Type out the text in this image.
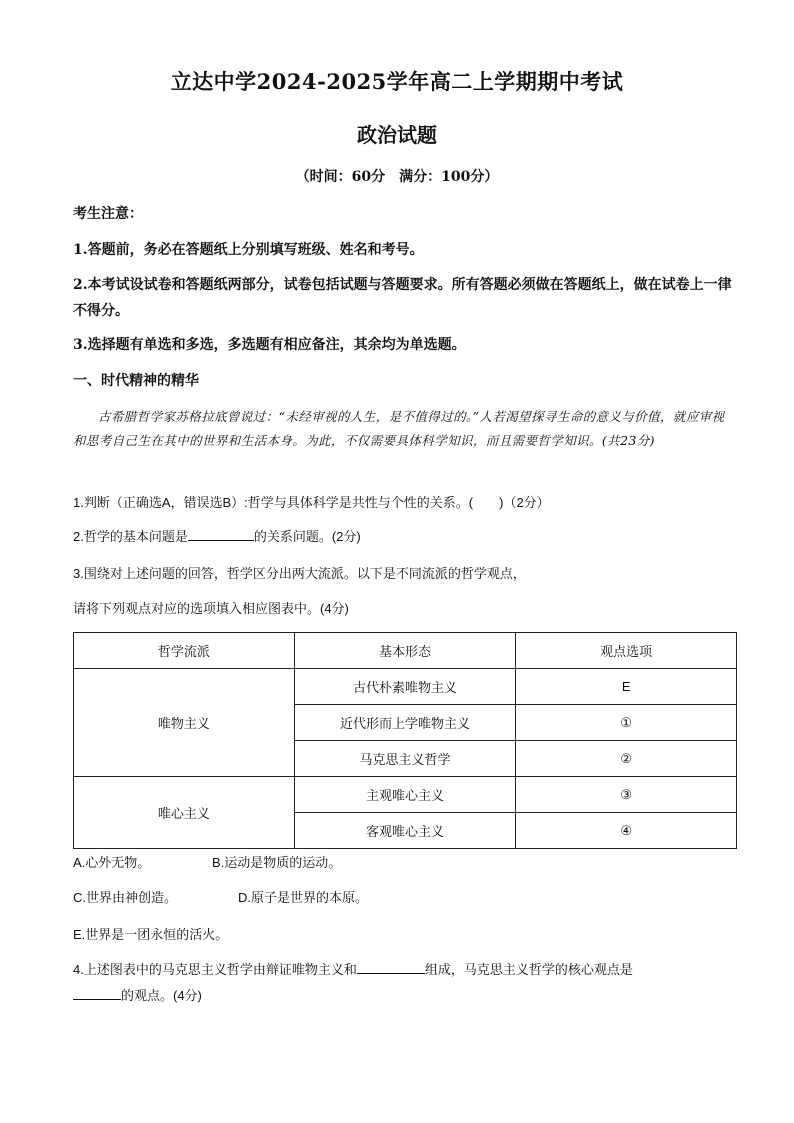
立达中学2024-2025学年高二上学期期中考试
政治试题
（时间：60分　满分：100分）
考生注意：
1.答题前，务必在答题纸上分别填写班级、姓名和考号。
2.本考试设试卷和答题纸两部分，试卷包括试题与答题要求。所有答题必须做在答题纸上，做在试卷上一律不得分。
3.选择题有单选和多选，多选题有相应备注，其余均为单选题。
一、时代精神的精华
古希腊哲学家苏格拉底曾说过：“未经审视的人生，是不值得过的。”人若渴望探寻生命的意义与价值，就应审视和思考自己生在其中的世界和生活本身。为此，不仅需要具体科学知识，而且需要哲学知识。(共23分)
1.判断（正确选A，错误选B）:哲学与具体科学是共性与个性的关系。(　　)（2分）
2.哲学的基本问题是	的关系问题。(2分)
3.围绕对上述问题的回答，哲学区分出两大流派。以下是不同流派的哲学观点，
请将下列观点对应的选项填入相应图表中。(4分)
哲学流派	基本形态	观点选项
唯物主义	古代朴素唯物主义	E
	近代形而上学唯物主义	①
	马克思主义哲学	②
唯心主义	主观唯心主义	③
	客观唯心主义	④
A.心外无物。	B.运动是物质的运动。
C.世界由神创造。	D.原子是世界的本原。
E.世界是一团永恒的活火。
4.上述图表中的马克思主义哲学由辩证唯物主义和	组成，马克思主义哲学的核心观点是
的观点。(4分)
